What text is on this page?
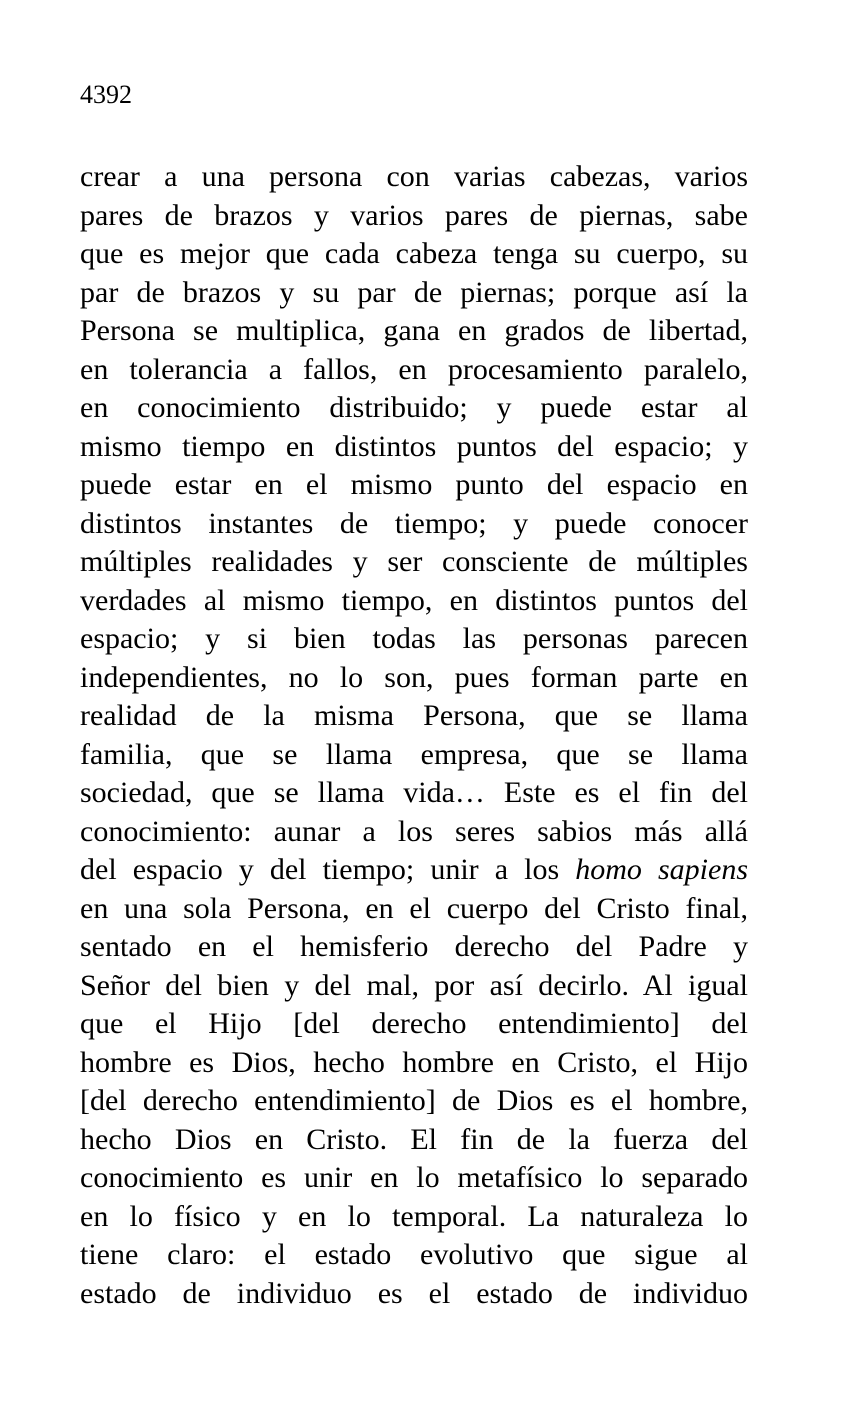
4392
crear a una persona con varias cabezas, varios
pares de brazos y varios pares de piernas, sabe
que es mejor que cada cabeza tenga su cuerpo, su
par de brazos y su par de piernas; porque así la
Persona se multiplica, gana en grados de libertad,
en tolerancia a fallos, en procesamiento paralelo,
en conocimiento distribuido; y puede estar al
mismo tiempo en distintos puntos del espacio; y
puede estar en el mismo punto del espacio en
distintos instantes de tiempo; y puede conocer
múltiples realidades y ser consciente de múltiples
verdades al mismo tiempo, en distintos puntos del
espacio; y si bien todas las personas parecen
independientes, no lo son, pues forman parte en
realidad de la misma Persona, que se llama
familia, que se llama empresa, que se llama
sociedad, que se llama vida… Este es el fin del
conocimiento: aunar a los seres sabios más allá
del espacio y del tiempo; unir a los homo sapiens
en una sola Persona, en el cuerpo del Cristo final,
sentado en el hemisferio derecho del Padre y
Señor del bien y del mal, por así decirlo. Al igual
que el Hijo [del derecho entendimiento] del
hombre es Dios, hecho hombre en Cristo, el Hijo
[del derecho entendimiento] de Dios es el hombre,
hecho Dios en Cristo. El fin de la fuerza del
conocimiento es unir en lo metafísico lo separado
en lo físico y en lo temporal. La naturaleza lo
tiene claro: el estado evolutivo que sigue al
estado de individuo es el estado de individuo
